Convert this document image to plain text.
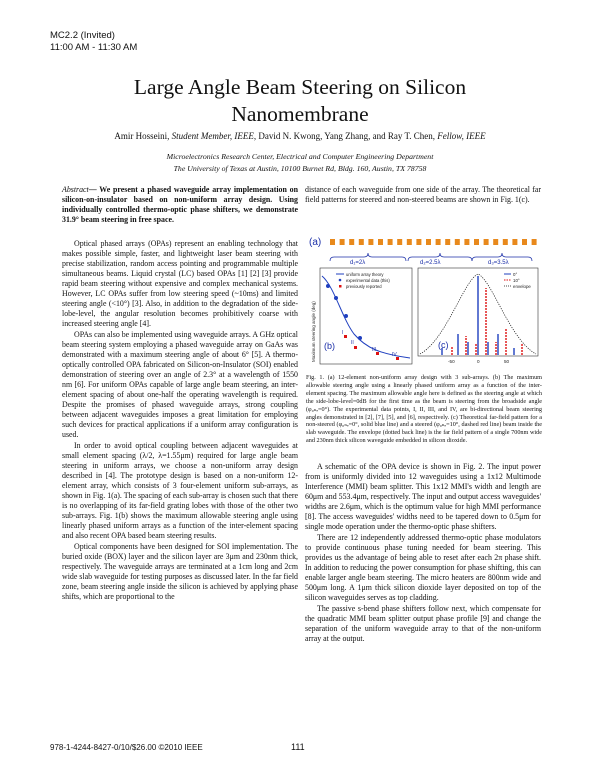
MC2.2 (Invited)
11:00 AM - 11:30 AM
Large Angle Beam Steering on Silicon
Nanomembrane
Amir Hosseini, Student Member, IEEE, David N. Kwong, Yang Zhang, and Ray T. Chen, Fellow, IEEE
Microelectronics Research Center, Electrical and Computer Engineering Department
The University of Texas at Austin, 10100 Burnet Rd, Bldg. 160, Austin, TX 78758

Abstract— We present a phased waveguide array implementation on silicon-on-insulator based on non-uniform array design. Using individually controlled thermo-optic phase shifters, we demonstrate 31.9° beam steering in free space.

Optical phased arrays (OPAs) represent an enabling technology that makes possible simple, faster, and lightweight laser beam steering with precise stabilization, random access pointing and programmable multiple simultaneous beams. Liquid crystal (LC) based OPAs [1] [2] [3] provide rapid beam steering without expensive and complex mechanical systems. However, LC OPAs suffer from low steering speed (~10ms) and limited steering angle (<10°) [3]. Also, in addition to the degradation of the side-lobe-level, the angular resolution becomes prohibitively coarse with increased steering angle [4].

OPAs can also be implemented using waveguide arrays. A GHz optical beam steering system employing a phased waveguide array on GaAs was demonstrated with a maximum steering angle of about 6° [5]. A thermo-optically controlled OPA fabricated on Silicon-on-Insulator (SOI) enabled demonstration of steering over an angle of 2.3° at a wavelength of 1550 nm [6]. For uniform OPAs capable of large angle beam steering, an inter-element spacing of about one-half the operating wavelength is required. Despite the promises of phased waveguide arrays, strong coupling between adjacent waveguides imposes a great limitation for employing such devices for practical applications if a uniform array configuration is used.

In order to avoid optical coupling between adjacent waveguides at small element spacing (λ/2, λ=1.55μm) required for large angle beam steering in uniform arrays, we choose a non-uniform array design described in [4]. The prototype design is based on a non-uniform 12-element array, which consists of 3 four-element uniform sub-arrays, as shown in Fig. 1(a). The spacing of each sub-array is chosen such that there is no overlapping of its far-field grating lobes with those of the other two sub-arrays. Fig. 1(b) shows the maximum allowable steering angle using linearly phased uniform arrays as a function of the inter-element spacing and also recent OPA based beam steering results.

Optical components have been designed for SOI implementation. The buried oxide (BOX) layer and the silicon layer are 3μm and 230nm thick, respectively. The waveguide arrays are terminated at a 1cm long and 2cm wide slab waveguide for testing purposes as discussed later. In the far field zone, beam steering angle inside the silicon is achieved by applying phase shifts, which are proportional to the

distance of each waveguide from one side of the array. The theoretical far field patterns for steered and non-steered beams are shown in Fig. 1(c).

(a)
d₁=2λ	d₂=2.5λ	d₃=3.5λ
Maximum steering angle (deg)
uniform array theory
experimental data (this)
previously reported
(b)
I
II
III
IV
0°
10°
envelope
(c)
-50	0	50
Fig. 1. (a) 12-element non-uniform array design with 3 sub-arrays. (b) The maximum allowable steering angle using a linearly phased uniform array as a function of the inter-element spacing. The maximum allowable angle here is defined as the steering angle at which the side-lobe-level=0dB for the first time as the beam is steering from the broadside angle (φ₀ₙₑ=0°). The experimental data points, I, II, III, and IV, are bi-directional beam steering angles demonstrated in [2], [7], [5], and [6], respectively. (c) Theoretical far-field pattern for a non-steered (φ₀ₙₑ=0°, solid blue line) and a steered (φ₀ₙₑ=10°, dashed red line) beam inside the slab waveguide. The envelope (dotted back line) is the far field pattern of a single 700nm wide and 230nm thick silicon waveguide embedded in silicon dioxide.

A schematic of the OPA device is shown in Fig. 2. The input power from is uniformly divided into 12 waveguides using a 1x12 Multimode Interference (MMI) beam splitter. This 1x12 MMI's width and length are 60μm and 553.4μm, respectively. The input and output access waveguides' widths are 2.6μm, which is the optimum value for high MMI performance [8]. The access waveguides' widths need to be tapered down to 0.5μm for single mode operation under the thermo-optic phase shifters.

There are 12 independently addressed thermo-optic phase modulators to provide continuous phase tuning needed for beam steering. This provides us the advantage of being able to reset after each 2π phase shift. In addition to reducing the power consumption for phase shifting, this can enable larger angle beam steering. The micro heaters are 800nm wide and 500μm long. A 1μm thick silicon dioxide layer deposited on top of the silicon waveguides serves as top cladding.

The passive s-bend phase shifters follow next, which compensate for the quadratic MMI beam splitter output phase profile [9] and change the separation of the uniform waveguide array to that of the non-uniform array at the output.

978-1-4244-8427-0/10/$26.00 ©2010 IEEE	111
